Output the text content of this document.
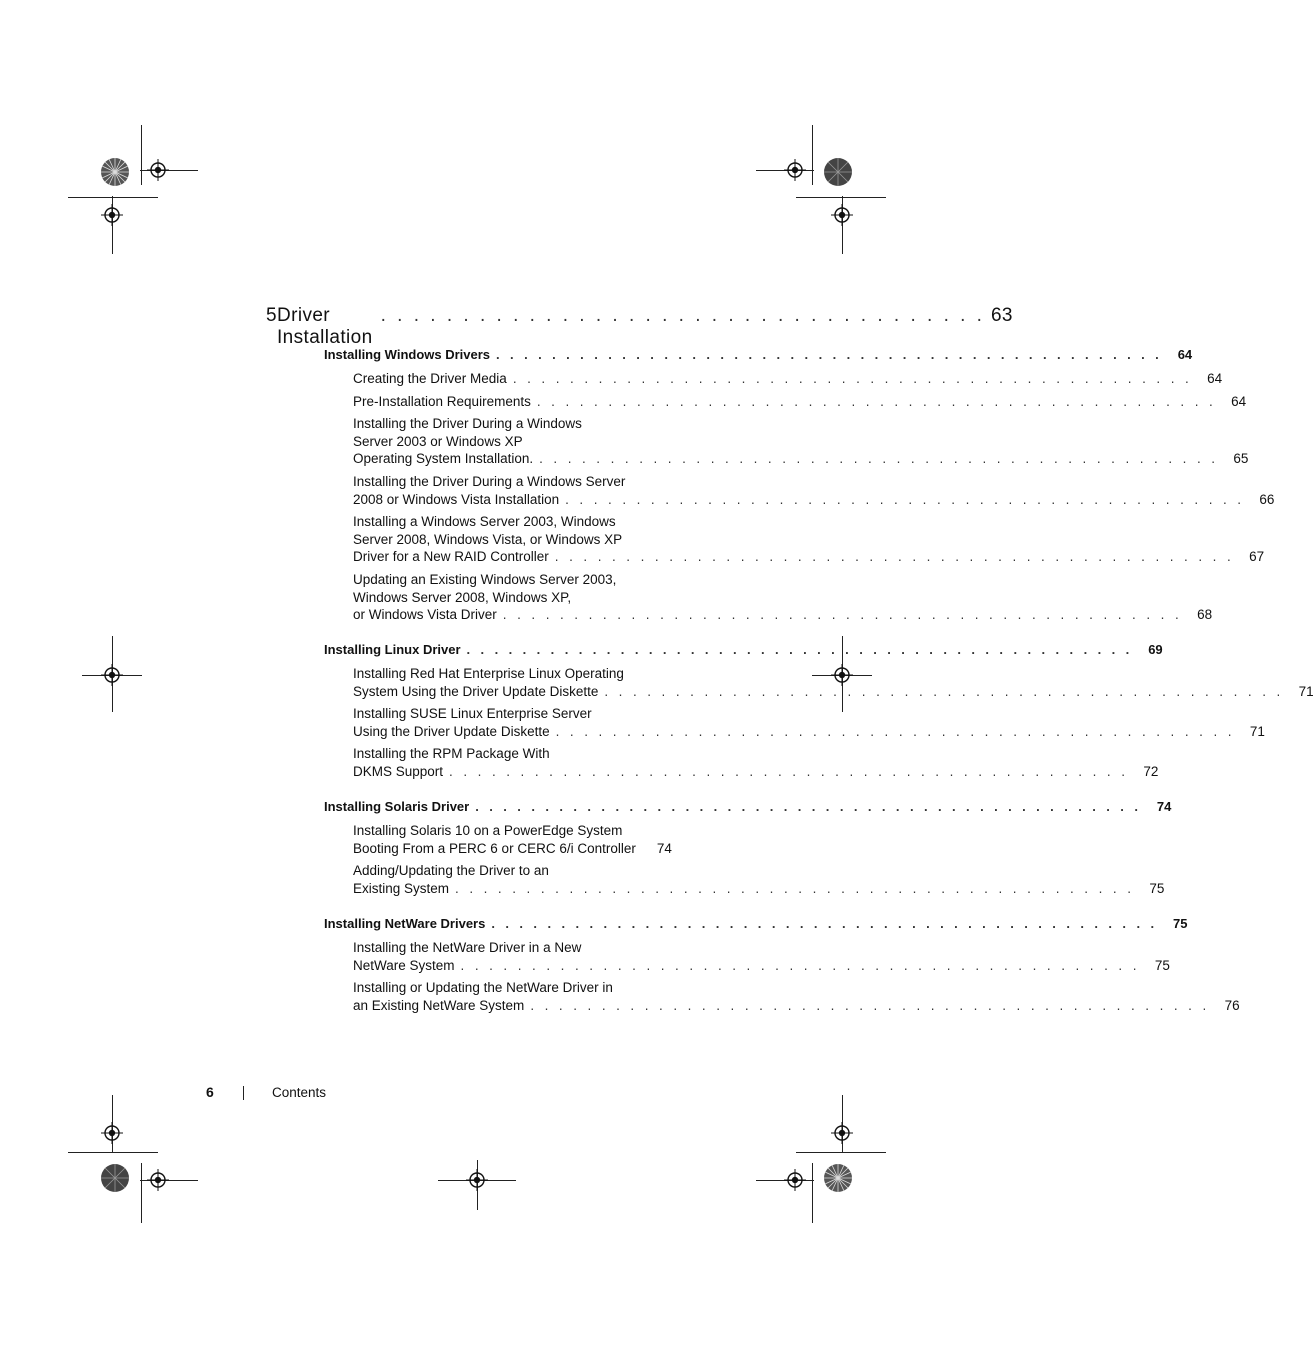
5 Driver Installation
. . . . . . . . . . . . . . . . . . . . . . . . . . . . . . . . . . . . . 63
Installing Windows Drivers . . . . . . . . . . . . . . . . . . . . . . . . . . . . . . . . . . . . . . . . . . . . . . . . 64
Creating the Driver Media . . . . . . . . . . . . . . . . . . . . . . . . . . . . . . . . . . . . . . . . . . . . . . . . 64
Pre-Installation Requirements . . . . . . . . . . . . . . . . . . . . . . . . . . . . . . . . . . . . . . . . . . . . . . . . 64
Installing the Driver During a Windows
Server 2003 or Windows XP
Operating System Installation. . . . . . . . . . . . . . . . . . . . . . . . . . . . . . . . . . . . . . . . . . . . . . . . . 65
Installing the Driver During a Windows Server
2008 or Windows Vista Installation . . . . . . . . . . . . . . . . . . . . . . . . . . . . . . . . . . . . . . . . . . . . . . . . 66
Installing a Windows Server 2003, Windows
Server 2008, Windows Vista, or Windows XP
Driver for a New RAID Controller . . . . . . . . . . . . . . . . . . . . . . . . . . . . . . . . . . . . . . . . . . . . . . . . 67
Updating an Existing Windows Server 2003,
Windows Server 2008, Windows XP,
or Windows Vista Driver . . . . . . . . . . . . . . . . . . . . . . . . . . . . . . . . . . . . . . . . . . . . . . . . 68
Installing Linux Driver . . . . . . . . . . . . . . . . . . . . . . . . . . . . . . . . . . . . . . . . . . . . . . . . 69
Installing Red Hat Enterprise Linux Operating
System Using the Driver Update Diskette . . . . . . . . . . . . . . . . . . . . . . . . . . . . . . . . . . . . . . . . . . . . . . . . 71
Installing SUSE Linux Enterprise Server
Using the Driver Update Diskette . . . . . . . . . . . . . . . . . . . . . . . . . . . . . . . . . . . . . . . . . . . . . . . . 71
Installing the RPM Package With
DKMS Support . . . . . . . . . . . . . . . . . . . . . . . . . . . . . . . . . . . . . . . . . . . . . . . . 72
Installing Solaris Driver . . . . . . . . . . . . . . . . . . . . . . . . . . . . . . . . . . . . . . . . . . . . . . . . 74
Installing Solaris 10 on a PowerEdge System
Booting From a PERC 6 or CERC 6/i Controller 74
Adding/Updating the Driver to an
Existing System . . . . . . . . . . . . . . . . . . . . . . . . . . . . . . . . . . . . . . . . . . . . . . . . 75
Installing NetWare Drivers . . . . . . . . . . . . . . . . . . . . . . . . . . . . . . . . . . . . . . . . . . . . . . . . 75
Installing the NetWare Driver in a New
NetWare System . . . . . . . . . . . . . . . . . . . . . . . . . . . . . . . . . . . . . . . . . . . . . . . . 75
Installing or Updating the NetWare Driver in
an Existing NetWare System . . . . . . . . . . . . . . . . . . . . . . . . . . . . . . . . . . . . . . . . . . . . . . . . 76
6	Contents
